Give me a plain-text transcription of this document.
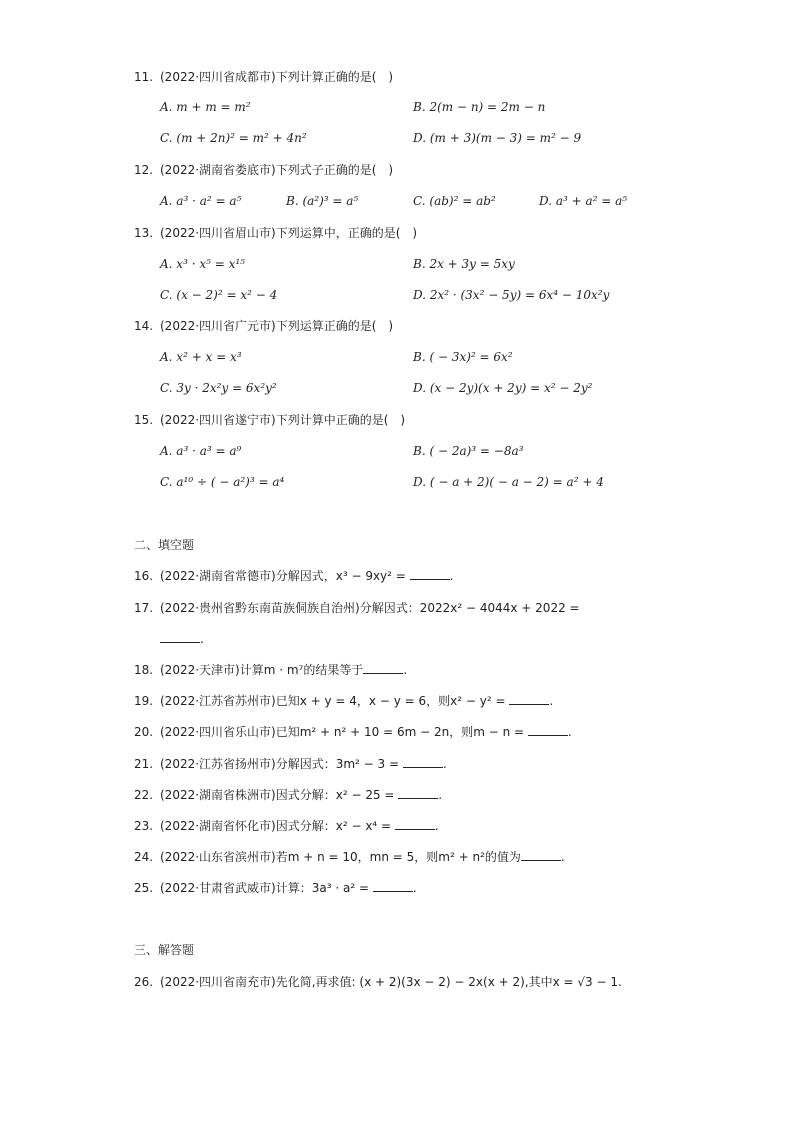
11. (2022·四川省成都市)下列计算正确的是(　)
A. m + m = m²	B. 2(m − n) = 2m − n
C. (m + 2n)² = m² + 4n²	D. (m + 3)(m − 3) = m² − 9
12. (2022·湖南省娄底市)下列式子正确的是(　)
A. a³ · a² = a⁵	B. (a²)³ = a⁵	C. (ab)² = ab²	D. a³ + a² = a⁵
13. (2022·四川省眉山市)下列运算中，正确的是(　)
A. x³ · x⁵ = x¹⁵	B. 2x + 3y = 5xy
C. (x − 2)² = x² − 4	D. 2x² · (3x² − 5y) = 6x⁴ − 10x²y
14. (2022·四川省广元市)下列运算正确的是(　)
A. x² + x = x³	B. ( − 3x)² = 6x²
C. 3y · 2x²y = 6x²y²	D. (x − 2y)(x + 2y) = x² − 2y²
15. (2022·四川省遂宁市)下列计算中正确的是(　)
A. a³ · a³ = a⁹	B. ( − 2a)³ = −8a³
C. a¹⁰ ÷ ( − a²)³ = a⁴	D. ( − a + 2)( − a − 2) = a² + 4
二、填空题
16. (2022·湖南省常德市)分解因式，x³ − 9xy² =	.
17. (2022·贵州省黔东南苗族侗族自治州)分解因式：2022x² − 4044x + 2022 =
.
18. (2022·天津市)计算m · m⁷的结果等于	.
19. (2022·江苏省苏州市)已知x + y = 4，x − y = 6，则x² − y² =	.
20. (2022·四川省乐山市)已知m² + n² + 10 = 6m − 2n，则m − n =	.
21. (2022·江苏省扬州市)分解因式：3m² − 3 =	.
22. (2022·湖南省株洲市)因式分解：x² − 25 =	.
23. (2022·湖南省怀化市)因式分解：x² − x⁴ =	.
24. (2022·山东省滨州市)若m + n = 10，mn = 5，则m² + n²的值为	.
25. (2022·甘肃省武威市)计算：3a³ · a² =	.
三、解答题
26. (2022·四川省南充市)先化简,再求值: (x + 2)(3x − 2) − 2x(x + 2),其中x = √3 − 1.
